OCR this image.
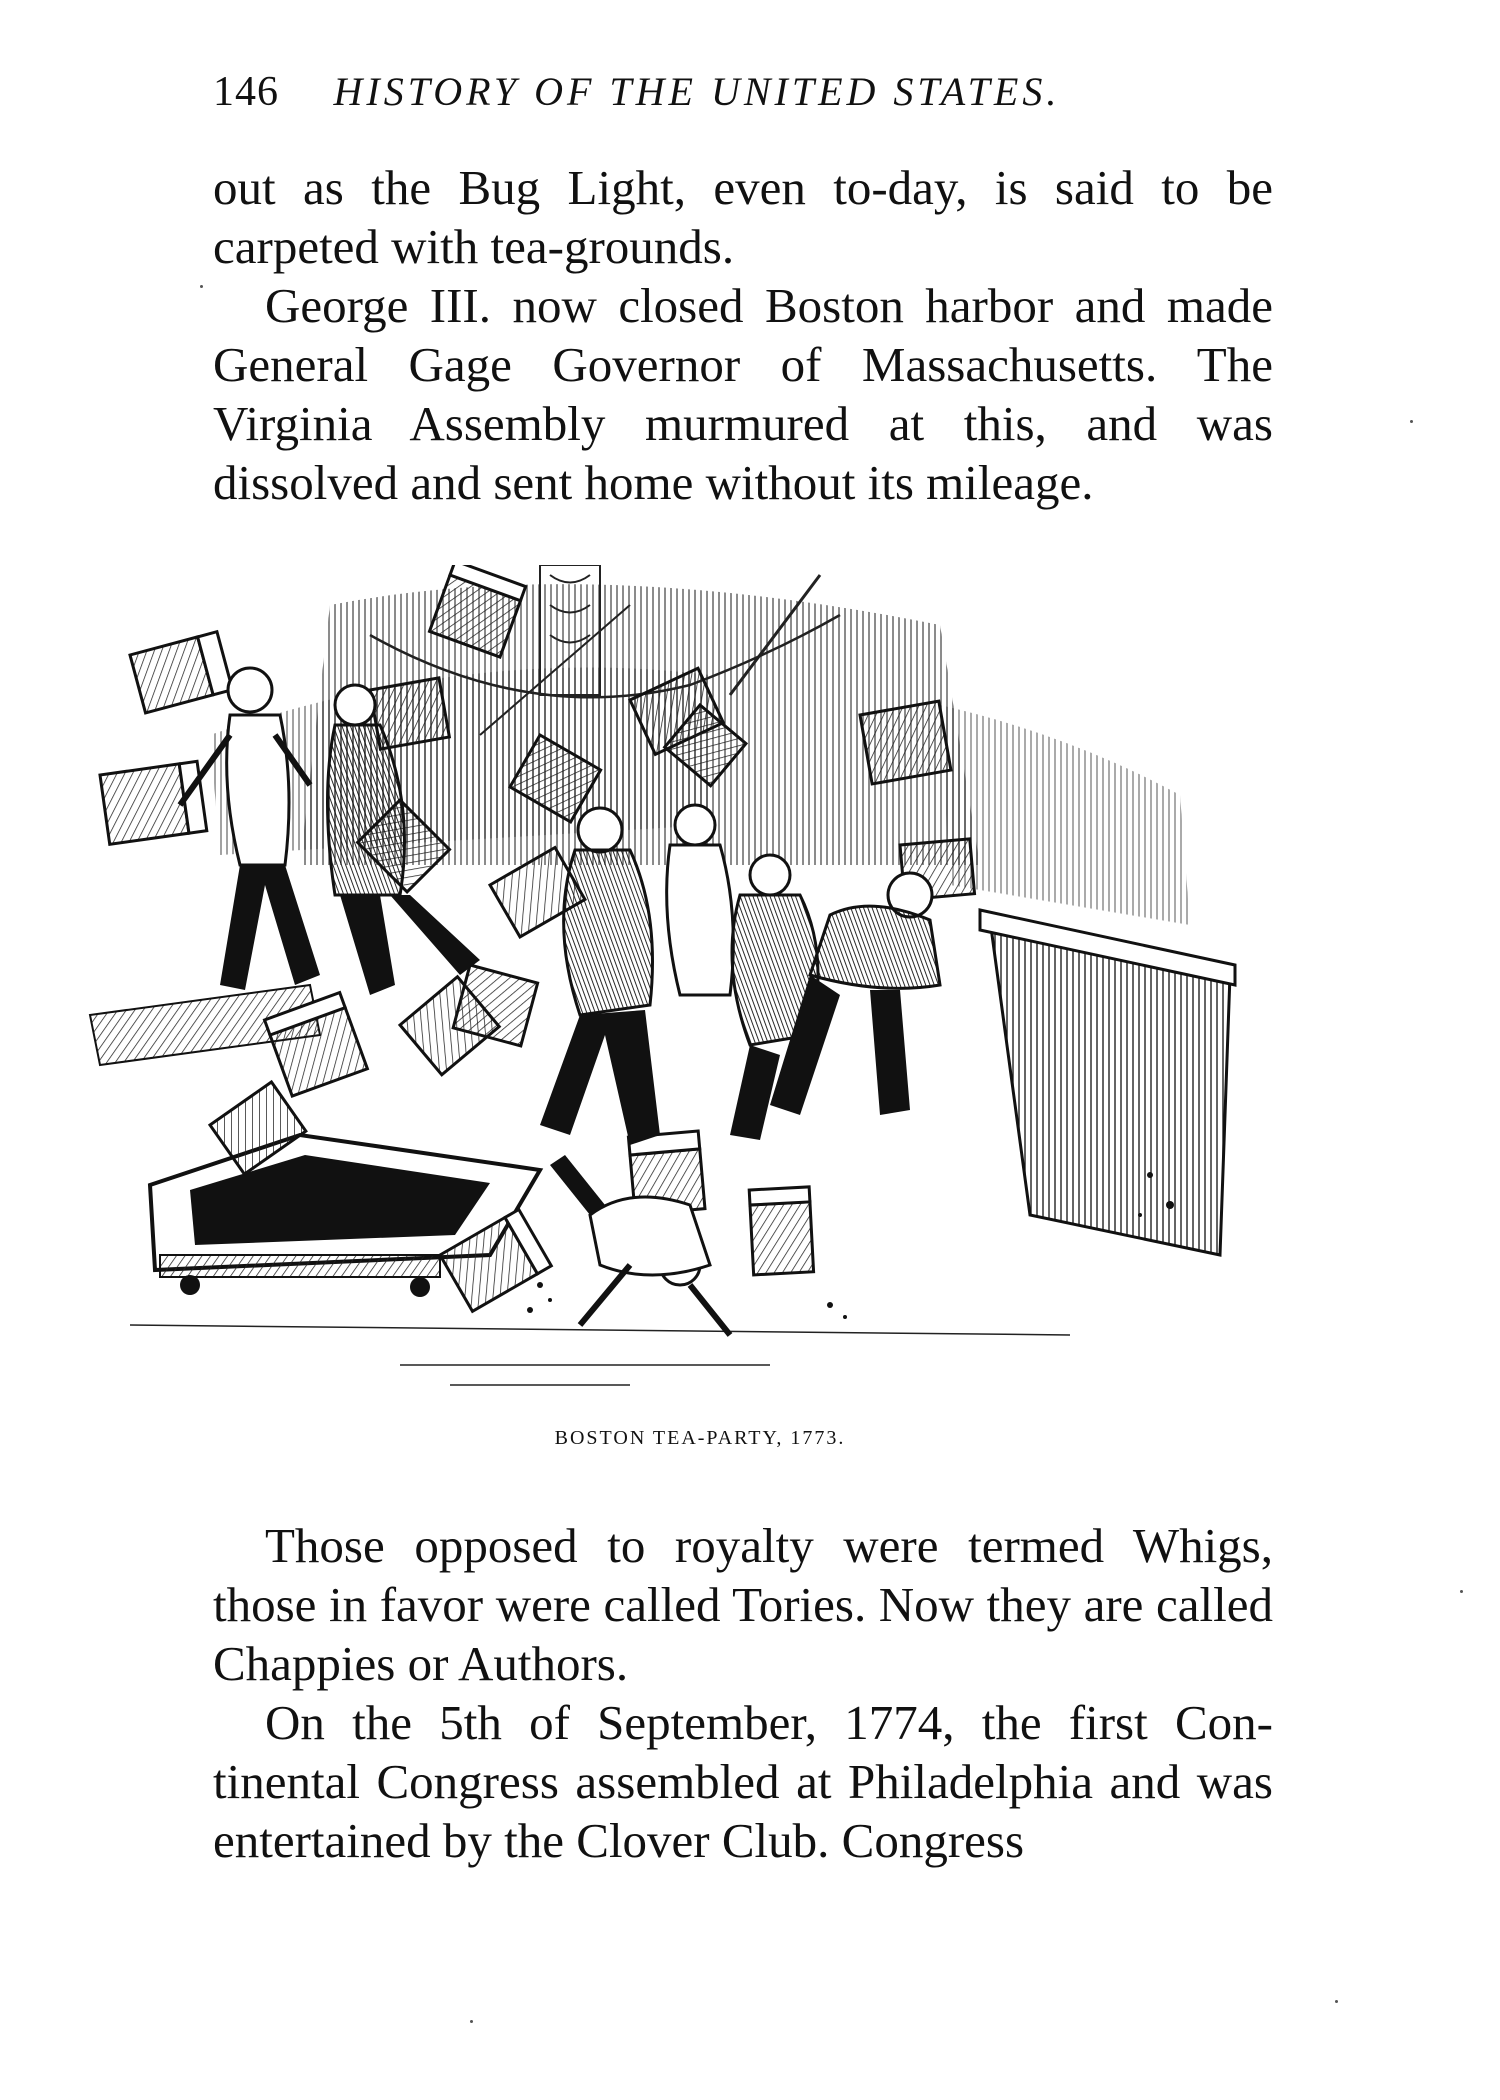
146 HISTORY OF THE UNITED STATES.

out as the Bug Light, even to-day, is said to be carpeted with tea-grounds.

George III. now closed Boston harbor and made General Gage Governor of Massachusetts. The Virginia Assembly murmured at this, and was dissolved and sent home without its mileage.

BOSTON TEA-PARTY, 1773.

Those opposed to royalty were termed Whigs, those in favor were called Tories. Now they are called Chappies or Authors.

On the 5th of September, 1774, the first Continental Congress assembled at Philadelphia and was entertained by the Clover Club. Congress
